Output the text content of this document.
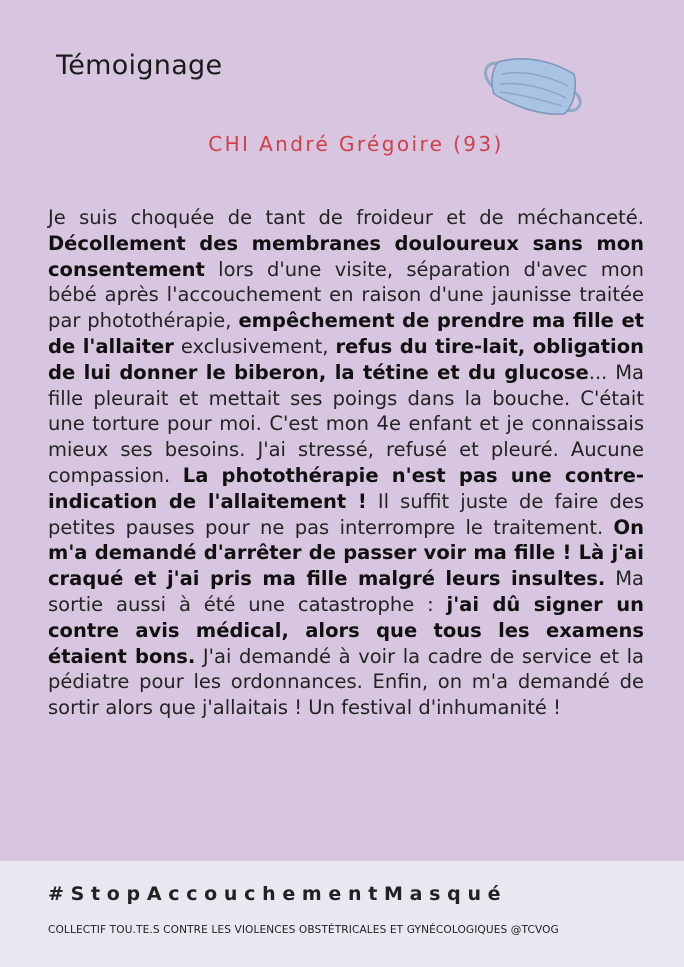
Témoignage
CHI André Grégoire (93)

Je suis choquée de tant de froideur et de méchanceté. Décollement des membranes douloureux sans mon consentement lors d'une visite, séparation d'avec mon bébé après l'accouchement en raison d'une jaunisse traitée par photothérapie, empêchement de prendre ma fille et de l'allaiter exclusivement, refus du tire-lait, obligation de lui donner le biberon, la tétine et du glucose... Ma fille pleurait et mettait ses poings dans la bouche. C'était une torture pour moi. C'est mon 4e enfant et je connaissais mieux ses besoins. J'ai stressé, refusé et pleuré. Aucune compassion. La photothérapie n'est pas une contre-indication de l'allaitement ! Il suffit juste de faire des petites pauses pour ne pas interrompre le traitement. On m'a demandé d'arrêter de passer voir ma fille ! Là j'ai craqué et j'ai pris ma fille malgré leurs insultes. Ma sortie aussi à été une catastrophe : j'ai dû signer un contre avis médical, alors que tous les examens étaient bons. J'ai demandé à voir la cadre de service et la pédiatre pour les ordonnances. Enfin, on m'a demandé de sortir alors que j'allaitais ! Un festival d'inhumanité !

#StopAccouchementMasqué
COLLECTIF TOU.TE.S CONTRE LES VIOLENCES OBSTÉTRICALES ET GYNÉCOLOGIQUES @TCVOG
